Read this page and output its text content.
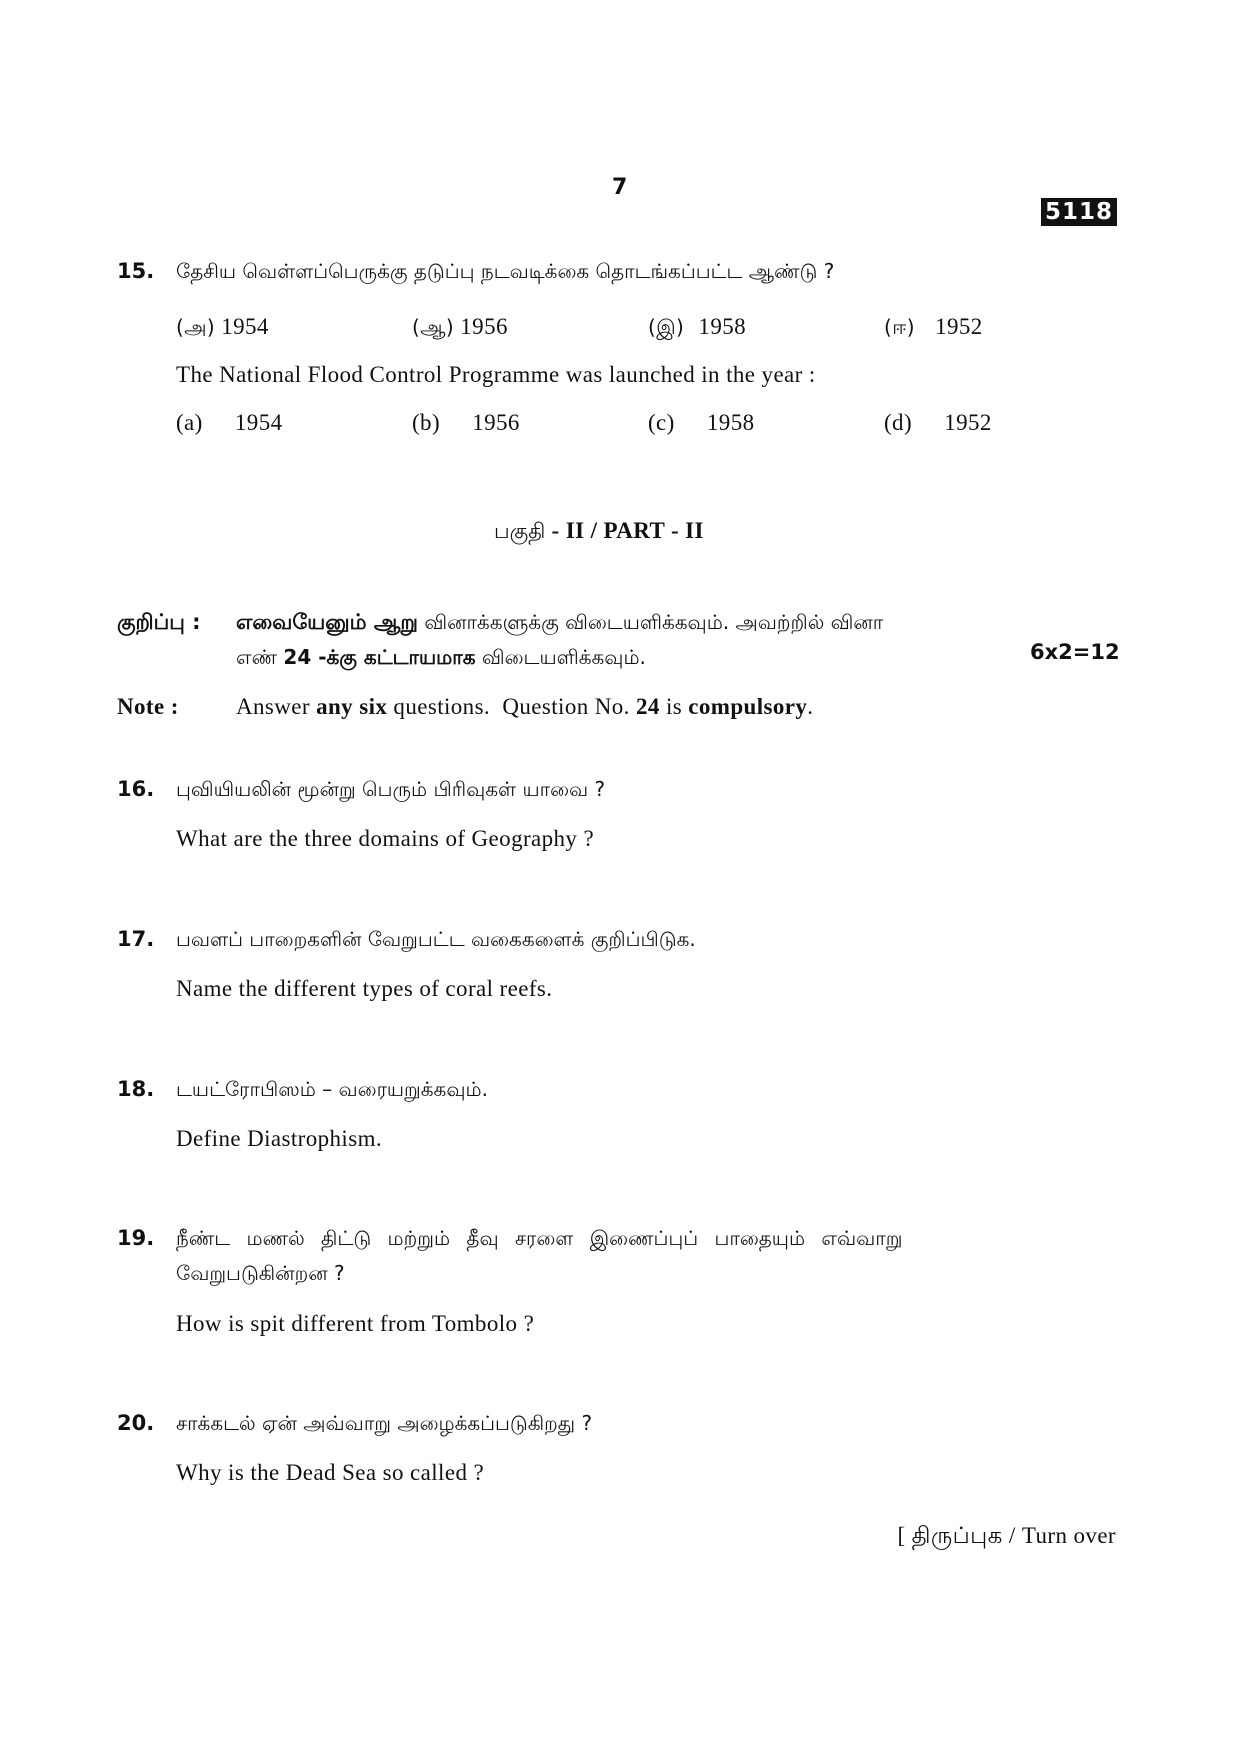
7
5118
15. தேசிய வெள்ளப்பெருக்கு தடுப்பு நடவடிக்கை தொடங்கப்பட்ட ஆண்டு ?
(அ) 1954	(ஆ) 1956	(இ) 1958	(ஈ) 1952
The National Flood Control Programme was launched in the year :
(a) 1954	(b) 1956	(c) 1958	(d) 1952
பகுதி - II / PART - II
குறிப்பு : எவையேனும் ஆறு வினாக்களுக்கு விடையளிக்கவும். அவற்றில் வினா
எண் 24 -க்கு கட்டாயமாக விடையளிக்கவும்.	6x2=12
Note : Answer any six questions.  Question No. 24 is compulsory.
16. புவியியலின் மூன்று பெரும் பிரிவுகள் யாவை ?
What are the three domains of Geography ?
17. பவளப் பாறைகளின் வேறுபட்ட வகைகளைக் குறிப்பிடுக.
Name the different types of coral reefs.
18. டயட்ரோபிஸம் – வரையறுக்கவும்.
Define Diastrophism.
19. நீண்ட மணல் திட்டு மற்றும் தீவு சரளை இணைப்புப் பாதையும் எவ்வாறு
வேறுபடுகின்றன ?
How is spit different from Tombolo ?
20. சாக்கடல் ஏன் அவ்வாறு அழைக்கப்படுகிறது ?
Why is the Dead Sea so called ?
[ திருப்புக / Turn over
